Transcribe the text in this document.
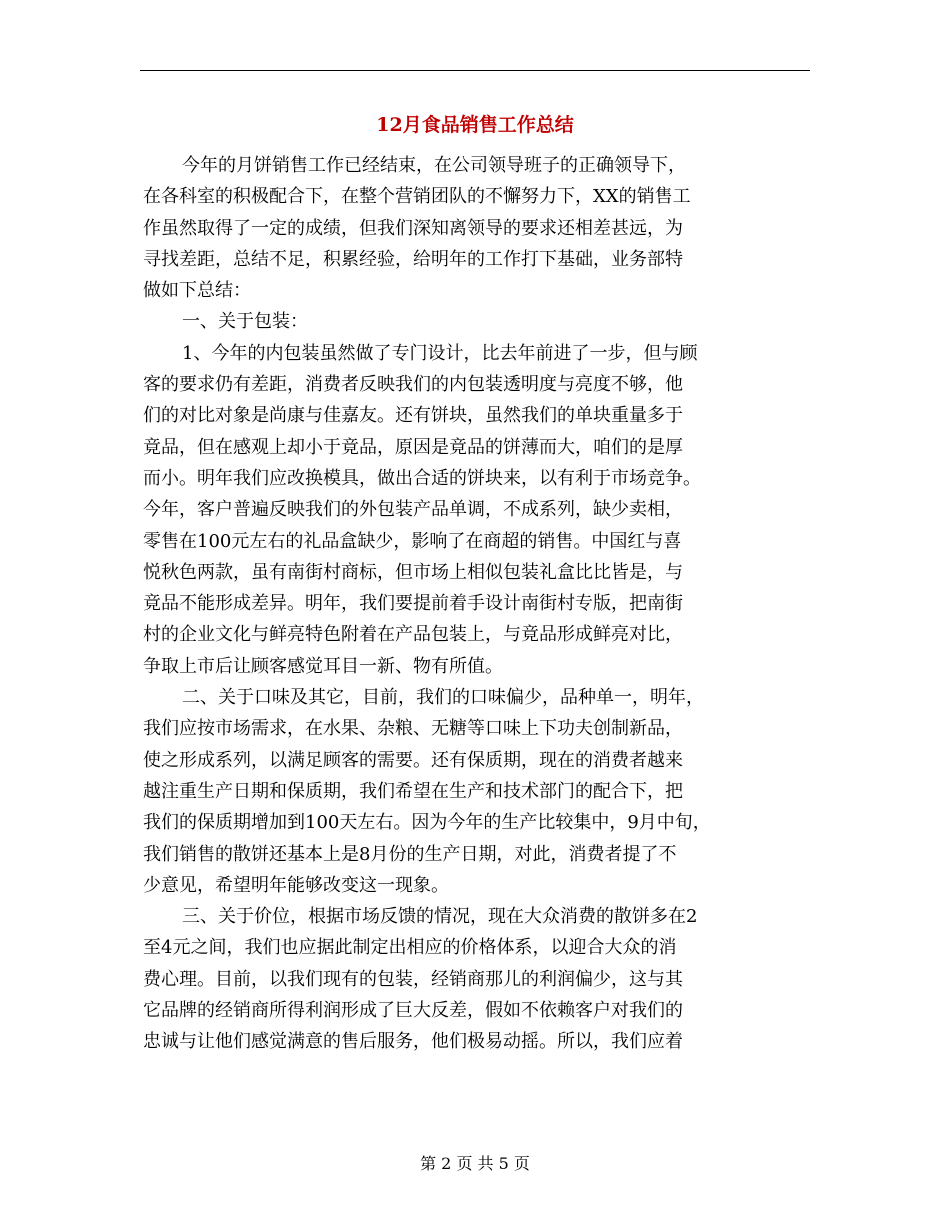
12月食品销售工作总结
今年的月饼销售工作已经结束，在公司领导班子的正确领导下，
在各科室的积极配合下，在整个营销团队的不懈努力下，XX的销售工
作虽然取得了一定的成绩，但我们深知离领导的要求还相差甚远，为
寻找差距，总结不足，积累经验，给明年的工作打下基础，业务部特
做如下总结：
一、关于包装：
1、今年的内包装虽然做了专门设计，比去年前进了一步，但与顾
客的要求仍有差距，消费者反映我们的内包装透明度与亮度不够，他
们的对比对象是尚康与佳嘉友。还有饼块，虽然我们的单块重量多于
竟品，但在感观上却小于竟品，原因是竟品的饼薄而大，咱们的是厚
而小。明年我们应改换模具，做出合适的饼块来，以有利于市场竞争。
今年，客户普遍反映我们的外包装产品单调，不成系列，缺少卖相，
零售在100元左右的礼品盒缺少，影响了在商超的销售。中国红与喜
悦秋色两款，虽有南街村商标，但市场上相似包装礼盒比比皆是，与
竟品不能形成差异。明年，我们要提前着手设计南街村专版，把南街
村的企业文化与鲜亮特色附着在产品包装上，与竟品形成鲜亮对比，
争取上市后让顾客感觉耳目一新、物有所值。
二、关于口味及其它，目前，我们的口味偏少，品种单一，明年，
我们应按市场需求，在水果、杂粮、无糖等口味上下功夫创制新品，
使之形成系列，以满足顾客的需要。还有保质期，现在的消费者越来
越注重生产日期和保质期，我们希望在生产和技术部门的配合下，把
我们的保质期增加到100天左右。因为今年的生产比较集中，9月中旬，
我们销售的散饼还基本上是8月份的生产日期，对此，消费者提了不
少意见，希望明年能够改变这一现象。
三、关于价位，根据市场反馈的情况，现在大众消费的散饼多在2
至4元之间，我们也应据此制定出相应的价格体系，以迎合大众的消
费心理。目前，以我们现有的包装，经销商那儿的利润偏少，这与其
它品牌的经销商所得利润形成了巨大反差，假如不依赖客户对我们的
忠诚与让他们感觉满意的售后服务，他们极易动摇。所以，我们应着
第 2 页 共 5 页
